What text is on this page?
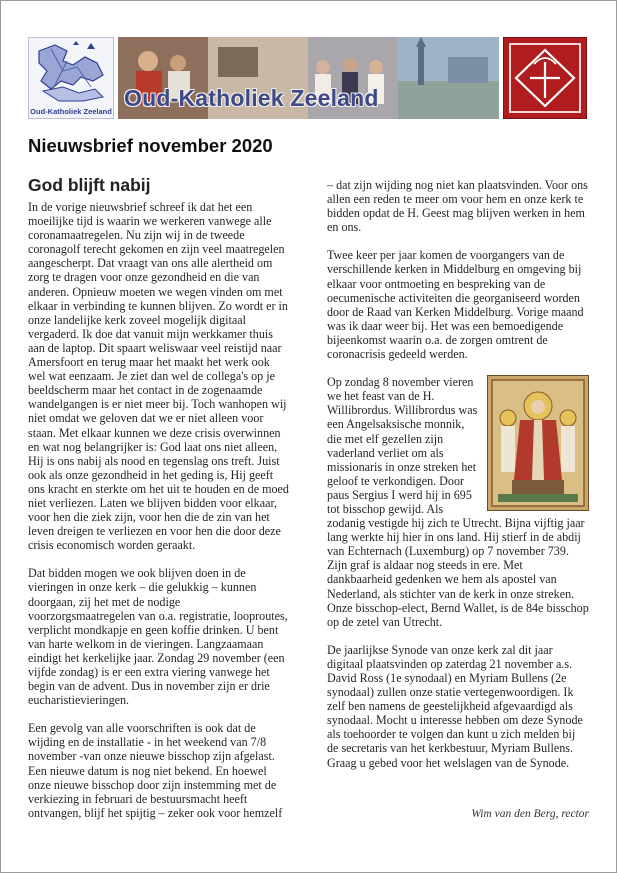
Oud-Katholiek Zeeland
Oud-Katholiek Zeeland
Nieuwsbrief november 2020
God blijft nabij

In de vorige nieuwsbrief schreef ik dat het een moeilijke tijd is waarin we werkeren vanwege alle coronamaatregelen. Nu zijn wij in de tweede coronagolf terecht gekomen en zijn veel maatregelen aangescherpt. Dat vraagt van ons alle alertheid om zorg te dragen voor onze gezondheid en die van anderen. Opnieuw moeten we wegen vinden om met elkaar in verbinding te kunnen blijven. Zo wordt er in onze landelijke kerk zoveel mogelijk digitaal vergaderd. Ik doe dat vanuit mijn werkkamer thuis aan de laptop. Dit spaart weliswaar veel reistijd naar Amersfoort en terug maar het maakt het werk ook wel wat eenzaam. Je ziet dan wel de collega's op je beeldscherm maar het contact in de zogenaamde wandelgangen is er niet meer bij. Toch wanhopen wij niet omdat we geloven dat we er niet alleen voor staan. Met elkaar kunnen we deze crisis overwinnen en wat nog belangrijker is: God laat ons niet alleen, Hij is ons nabij als nood en tegenslag ons treft. Juist ook als onze gezondheid in het geding is, Hij geeft ons kracht en sterkte om het uit te houden en de moed niet verliezen. Laten we blijven bidden voor elkaar, voor hen die ziek zijn, voor hen die de zin van het leven dreigen te verliezen en voor hen die door deze crisis economisch worden geraakt.

Dat bidden mogen we ook blijven doen in de vieringen in onze kerk – die gelukkig – kunnen doorgaan, zij het met de nodige voorzorgsmaatregelen van o.a. registratie, looproutes, verplicht mondkapje en geen koffie drinken. U bent van harte welkom in de vieringen. Langzaamaan eindigt het kerkelijke jaar. Zondag 29 november (een vijfde zondag) is er een extra viering vanwege het begin van de advent. Dus in november zijn er drie eucharistievieringen.

Een gevolg van alle voorschriften is ook dat de wijding en de installatie - in het weekend van 7/8 november -van onze nieuwe bisschop zijn afgelast. Een nieuwe datum is nog niet bekend. En hoewel onze nieuwe bisschop door zijn instemming met de verkiezing in februari de bestuursmacht heeft ontvangen, blijf het spijtig – zeker ook voor hemzelf

– dat zijn wijding nog niet kan plaatsvinden. Voor ons allen een reden te meer om voor hem en onze kerk te bidden opdat de H. Geest mag blijven werken in hem en ons.

Twee keer per jaar komen de voorgangers van de verschillende kerken in Middelburg en omgeving bij elkaar voor ontmoeting en bespreking van de oecumenische activiteiten die georganiseerd worden door de Raad van Kerken Middelburg. Vorige maand was ik daar weer bij. Het was een bemoedigende bijeenkomst waarin o.a. de zorgen omtrent de coronacrisis gedeeld werden.

Op zondag 8 november vieren we het feast van de H. Willibrordus. Willibrordus was een Angelsaksische monnik, die met elf gezellen zijn vaderland verliet om als missionaris in onze streken het geloof te verkondigen. Door paus Sergius I werd hij in 695 tot bisschop gewijd. Als

zodanig vestigde hij zich te Utrecht. Bijna vijftig jaar lang werkte hij hier in ons land. Hij stierf in de abdij van Echternach (Luxemburg) op 7 november 739. Zijn graf is aldaar nog steeds in ere. Met dankbaarheid gedenken we hem als apostel van Nederland, als stichter van de kerk in onze streken. Onze bisschop-elect, Bernd Wallet, is de 84e bisschop op de zetel van Utrecht.

De jaarlijkse Synode van onze kerk zal dit jaar digitaal plaatsvinden op zaterdag 21 november a.s. David Ross (1e synodaal) en Myriam Bullens (2e synodaal) zullen onze statie vertegenwoordigen. Ik zelf ben namens de geestelijkheid afgevaardigd als synodaal. Mocht u interesse hebben om deze Synode als toehoorder te volgen dan kunt u zich melden bij de secretaris van het kerkbestuur, Myriam Bullens. Graag u gebed voor het welslagen van de Synode.

Wim van den Berg, rector
